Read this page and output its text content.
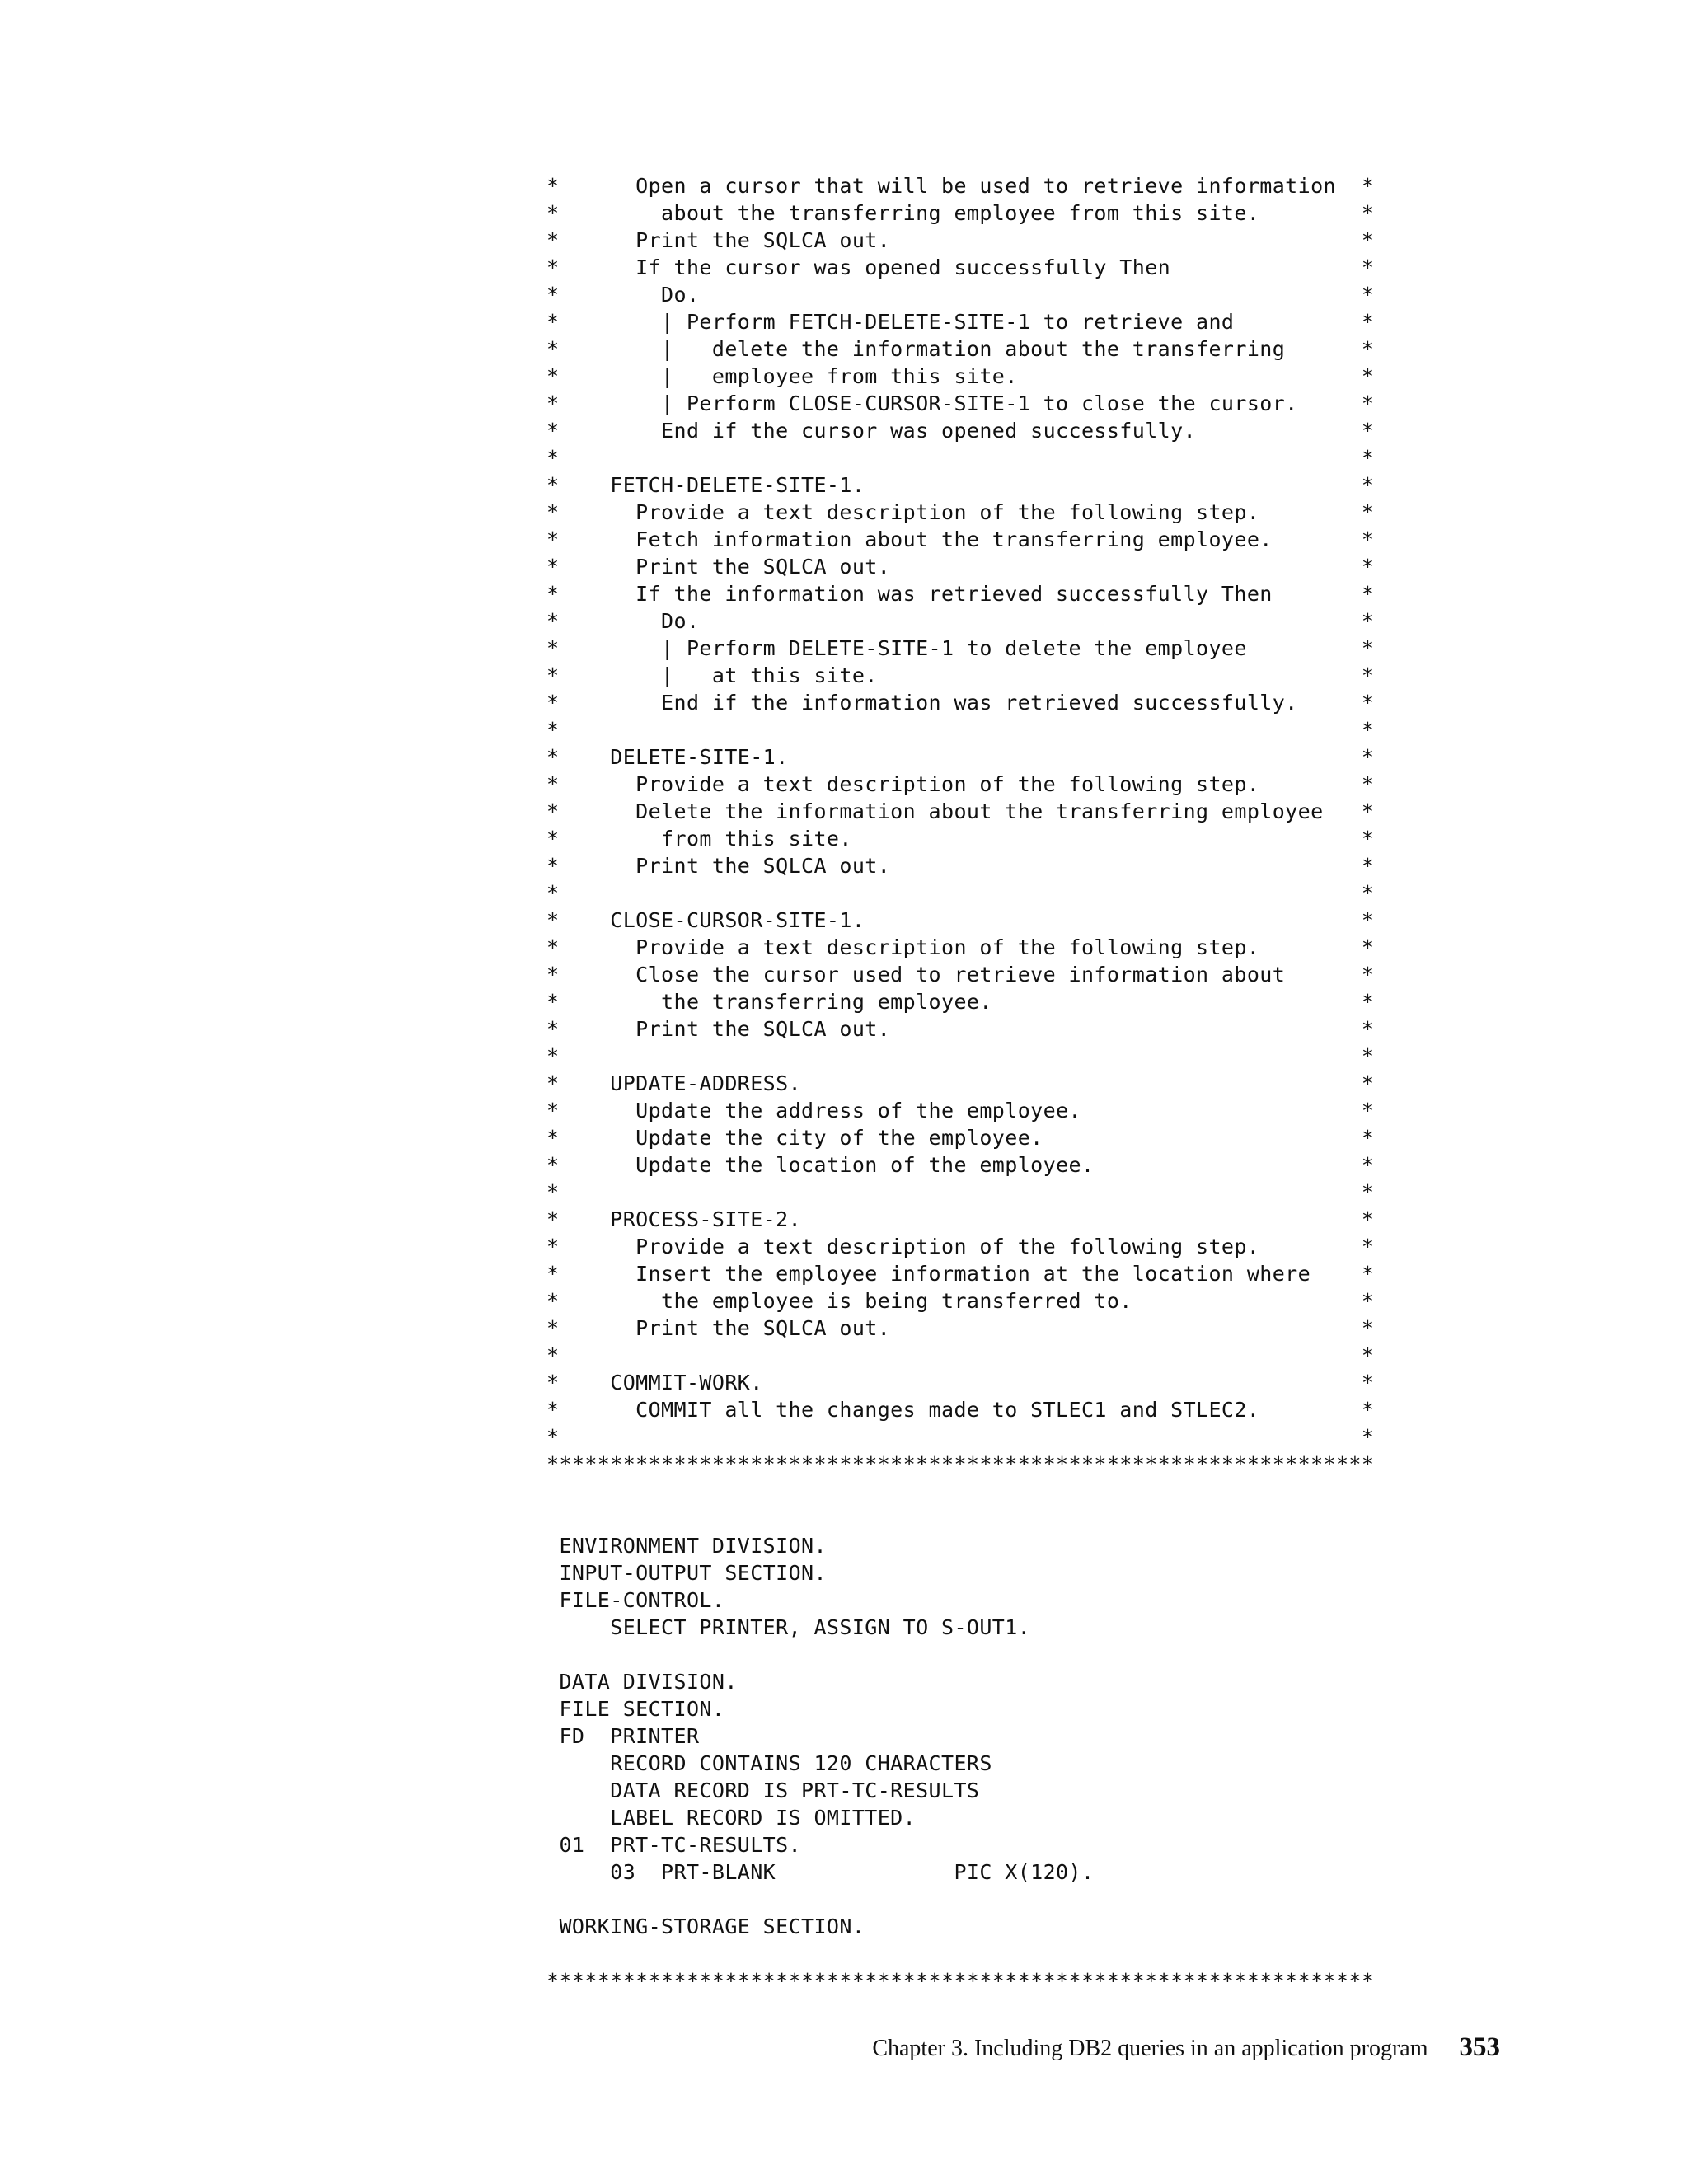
*      Open a cursor that will be used to retrieve information  *
*        about the transferring employee from this site.        *
*      Print the SQLCA out.                                     *
*      If the cursor was opened successfully Then               *
*        Do.                                                    *
*        | Perform FETCH-DELETE-SITE-1 to retrieve and          *
*        |   delete the information about the transferring      *
*        |   employee from this site.                           *
*        | Perform CLOSE-CURSOR-SITE-1 to close the cursor.     *
*        End if the cursor was opened successfully.             *
*                                                               *
*    FETCH-DELETE-SITE-1.                                       *
*      Provide a text description of the following step.        *
*      Fetch information about the transferring employee.       *
*      Print the SQLCA out.                                     *
*      If the information was retrieved successfully Then       *
*        Do.                                                    *
*        | Perform DELETE-SITE-1 to delete the employee         *
*        |   at this site.                                      *
*        End if the information was retrieved successfully.     *
*                                                               *
*    DELETE-SITE-1.                                             *
*      Provide a text description of the following step.        *
*      Delete the information about the transferring employee   *
*        from this site.                                        *
*      Print the SQLCA out.                                     *
*                                                               *
*    CLOSE-CURSOR-SITE-1.                                       *
*      Provide a text description of the following step.        *
*      Close the cursor used to retrieve information about      *
*        the transferring employee.                             *
*      Print the SQLCA out.                                     *
*                                                               *
*    UPDATE-ADDRESS.                                            *
*      Update the address of the employee.                      *
*      Update the city of the employee.                         *
*      Update the location of the employee.                     *
*                                                               *
*    PROCESS-SITE-2.                                            *
*      Provide a text description of the following step.        *
*      Insert the employee information at the location where    *
*        the employee is being transferred to.                  *
*      Print the SQLCA out.                                     *
*                                                               *
*    COMMIT-WORK.                                               *
*      COMMIT all the changes made to STLEC1 and STLEC2.        *
*                                                               *
*****************************************************************
ENVIRONMENT DIVISION.
INPUT-OUTPUT SECTION.
FILE-CONTROL.
SELECT PRINTER, ASSIGN TO S-OUT1.
DATA DIVISION.
FILE SECTION.
FD  PRINTER
RECORD CONTAINS 120 CHARACTERS
DATA RECORD IS PRT-TC-RESULTS
LABEL RECORD IS OMITTED.
01  PRT-TC-RESULTS.
03  PRT-BLANK              PIC X(120).
WORKING-STORAGE SECTION.
*****************************************************************
Chapter 3. Including DB2 queries in an application program 353
